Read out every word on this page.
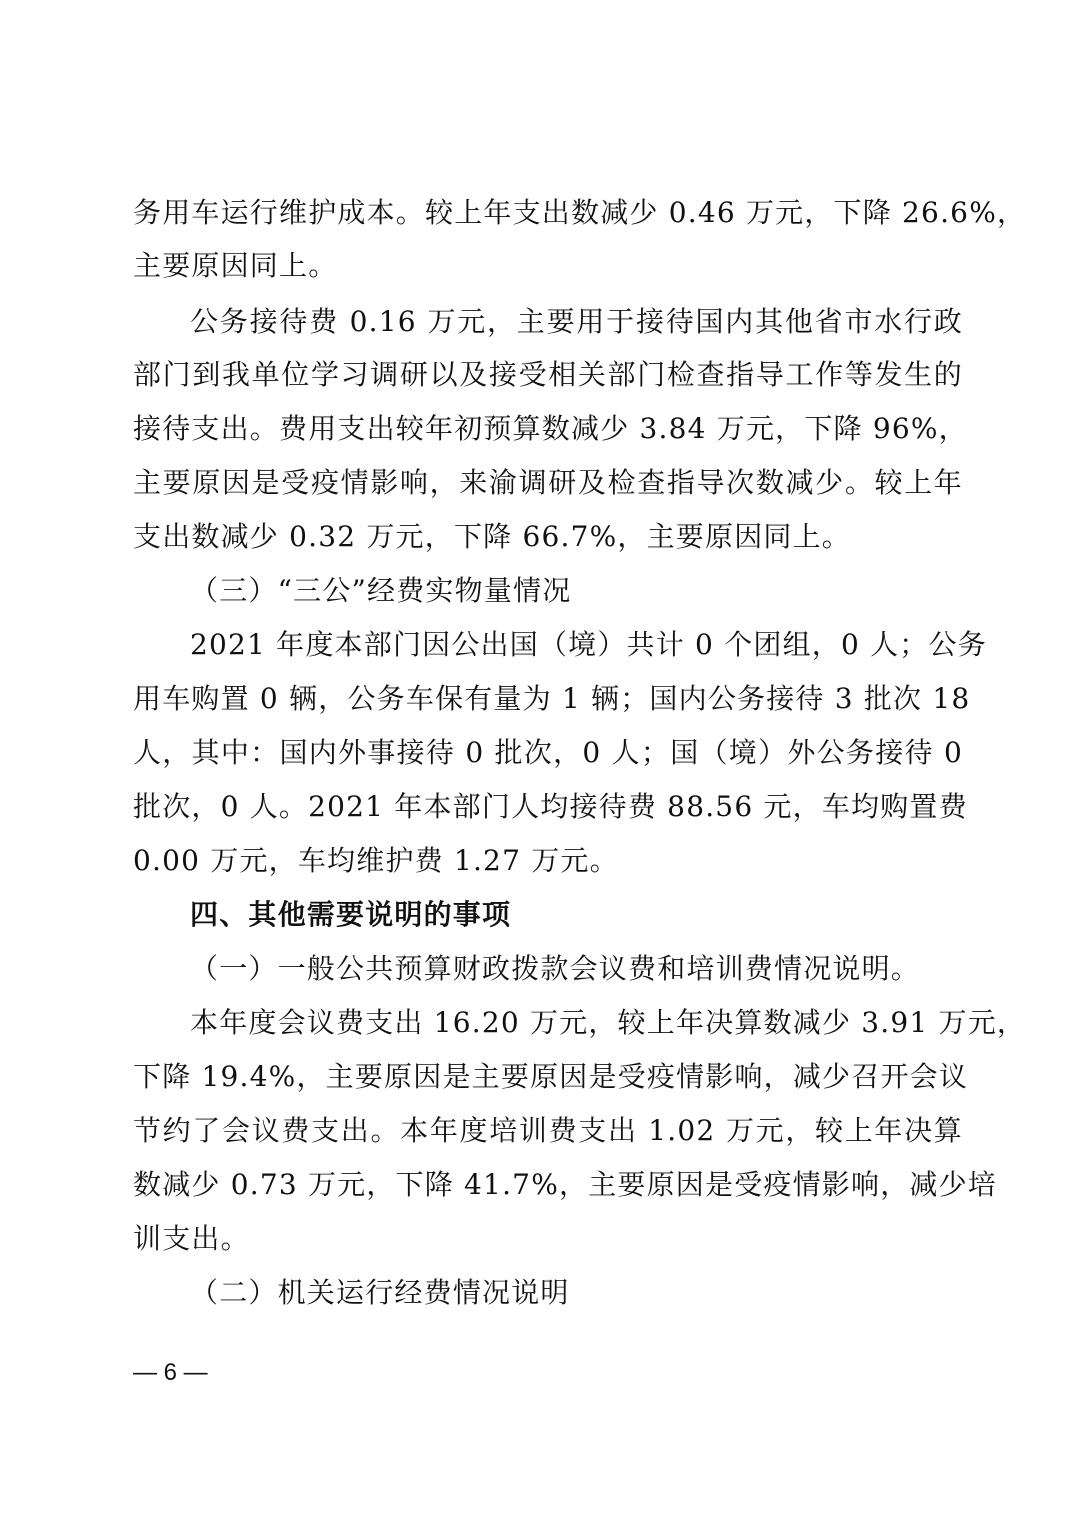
务用车运行维护成本。较上年支出数减少 0.46 万元，下降 26.6%，
主要原因同上。
公务接待费 0.16 万元，主要用于接待国内其他省市水行政
部门到我单位学习调研以及接受相关部门检查指导工作等发生的
接待支出。费用支出较年初预算数减少 3.84 万元，下降 96%，
主要原因是受疫情影响，来渝调研及检查指导次数减少。较上年
支出数减少 0.32 万元，下降 66.7%，主要原因同上。
（三）“三公”经费实物量情况
2021 年度本部门因公出国（境）共计 0 个团组，0 人；公务
用车购置 0 辆，公务车保有量为 1 辆；国内公务接待 3 批次 18
人，其中：国内外事接待 0 批次，0 人；国（境）外公务接待 0
批次，0 人。2021 年本部门人均接待费 88.56 元，车均购置费
0.00 万元，车均维护费 1.27 万元。
四、其他需要说明的事项
（一）一般公共预算财政拨款会议费和培训费情况说明。
本年度会议费支出 16.20 万元，较上年决算数减少 3.91 万元，
下降 19.4%，主要原因是主要原因是受疫情影响，减少召开会议
节约了会议费支出。本年度培训费支出 1.02 万元，较上年决算
数减少 0.73 万元，下降 41.7%，主要原因是受疫情影响，减少培
训支出。
（二）机关运行经费情况说明
— 6 —
